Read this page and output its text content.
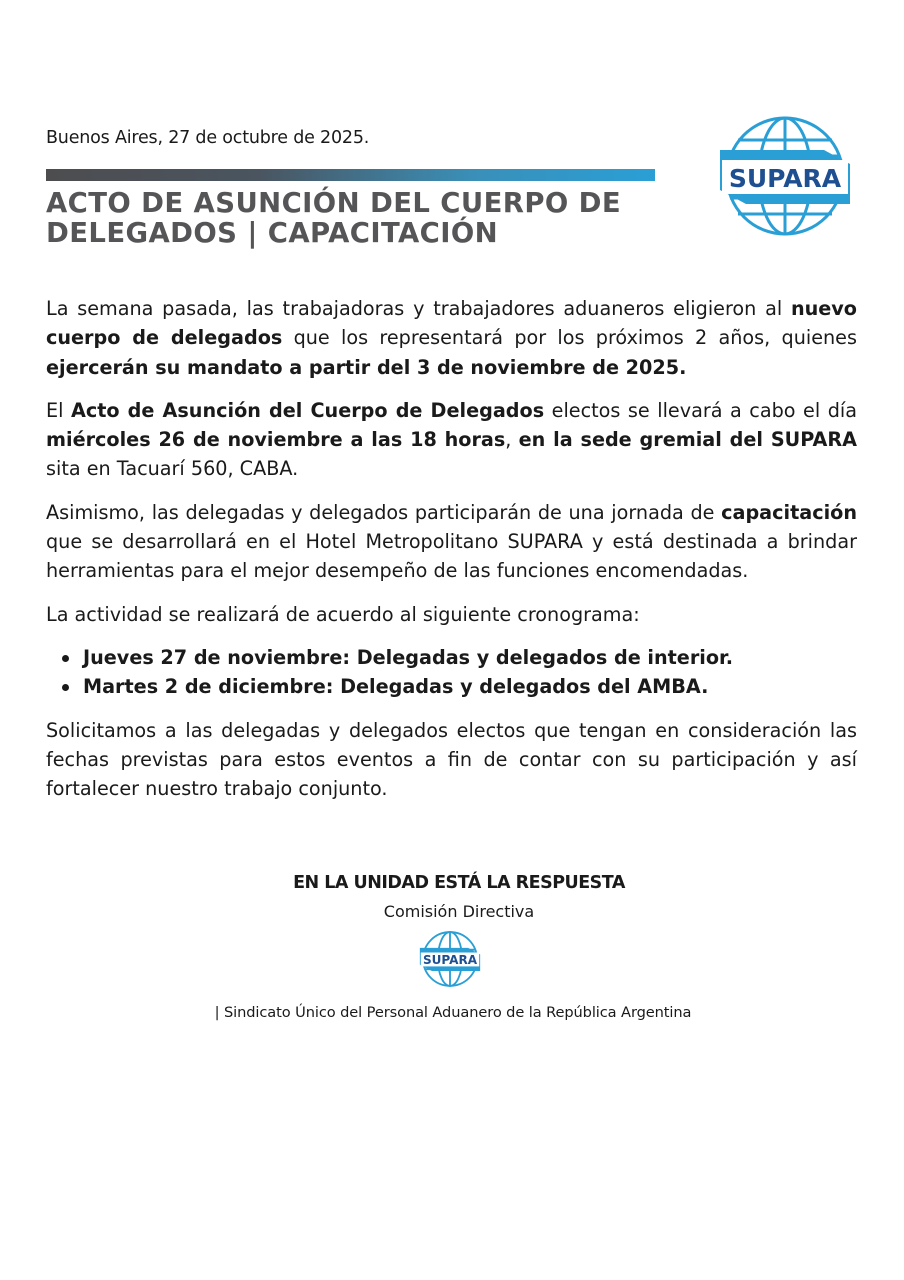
Buenos Aires, 27 de octubre de 2025.
ACTO DE ASUNCIÓN DEL CUERPO DE
DELEGADOS | CAPACITACIÓN
SUPARA

La semana pasada, las trabajadoras y trabajadores aduaneros eligieron al nuevo cuerpo de delegados que los representará por los próximos 2 años, quienes ejercerán su mandato a partir del 3 de noviembre de 2025.

El Acto de Asunción del Cuerpo de Delegados electos se llevará a cabo el día miércoles 26 de noviembre a las 18 horas, en la sede gremial del SUPARA sita en Tacuarí 560, CABA.

Asimismo, las delegadas y delegados participarán de una jornada de capacitación que se desarrollará en el Hotel Metropolitano SUPARA y está destinada a brindar herramientas para el mejor desempeño de las funciones encomendadas.

La actividad se realizará de acuerdo al siguiente cronograma:

Jueves 27 de noviembre: Delegadas y delegados de interior.
Martes 2 de diciembre: Delegadas y delegados del AMBA.

Solicitamos a las delegadas y delegados electos que tengan en consideración las fechas previstas para estos eventos a fin de contar con su participación y así fortalecer nuestro trabajo conjunto.

EN LA UNIDAD ESTÁ LA RESPUESTA
Comisión Directiva
SUPARA
| Sindicato Único del Personal Aduanero de la República Argentina
